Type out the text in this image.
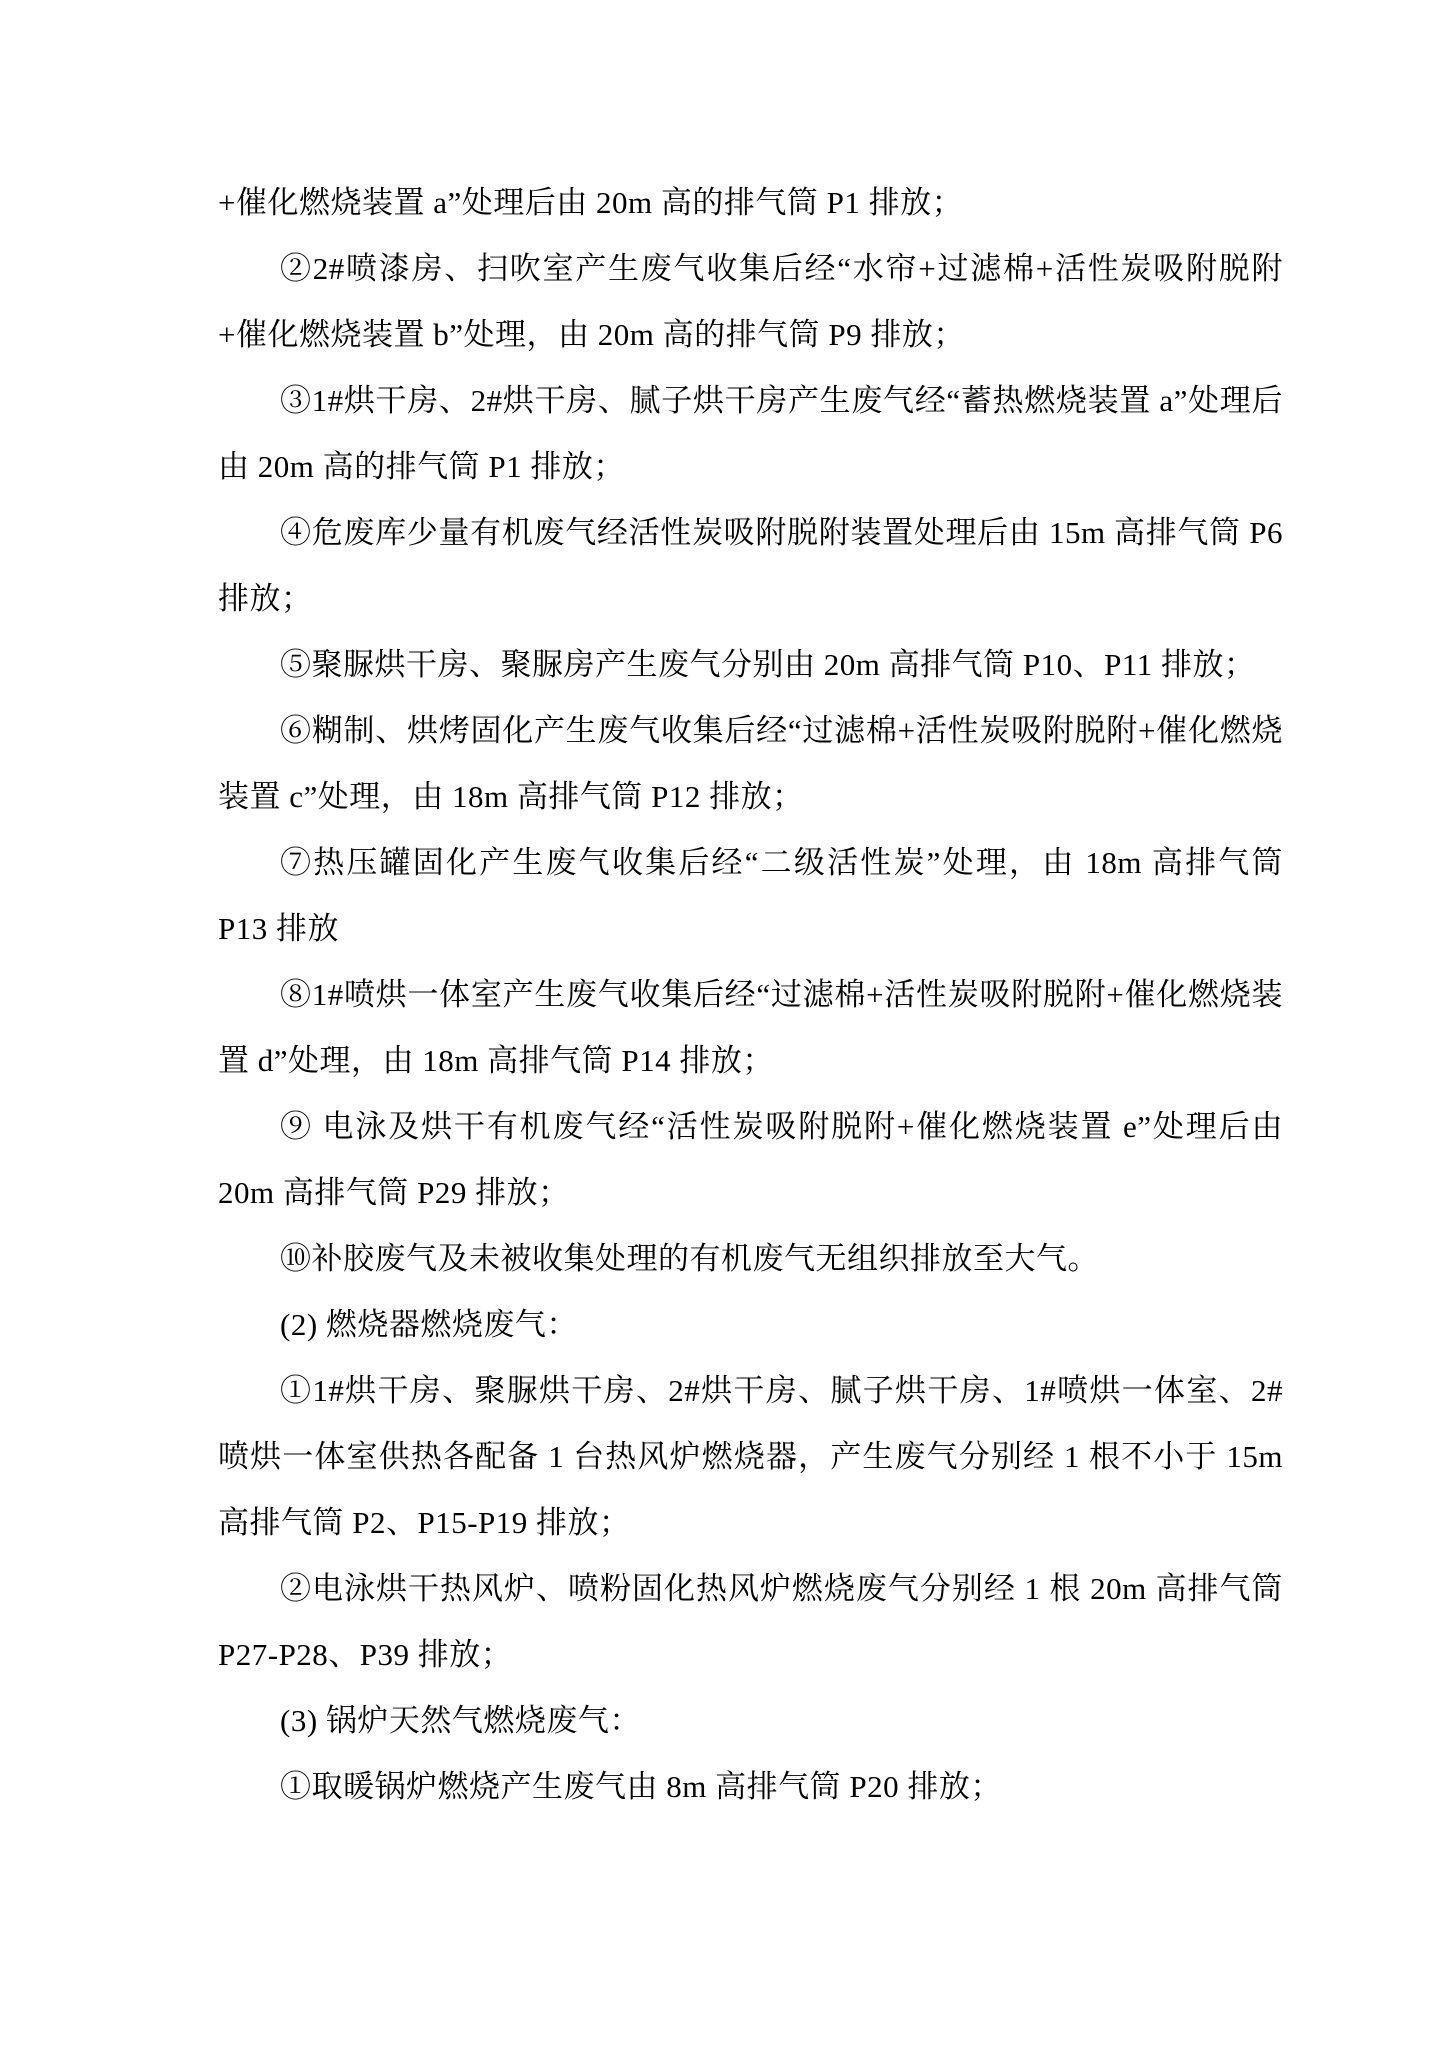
+催化燃烧装置 a”处理后由 20m 高的排气筒 P1 排放；

②2#喷漆房、扫吹室产生废气收集后经“水帘+过滤棉+活性炭吸附脱附+催化燃烧装置 b”处理，由 20m 高的排气筒 P9 排放；

③1#烘干房、2#烘干房、腻子烘干房产生废气经“蓄热燃烧装置 a”处理后由 20m 高的排气筒 P1 排放；

④危废库少量有机废气经活性炭吸附脱附装置处理后由 15m 高排气筒 P6 排放；

⑤聚脲烘干房、聚脲房产生废气分别由 20m 高排气筒 P10、P11 排放；

⑥糊制、烘烤固化产生废气收集后经“过滤棉+活性炭吸附脱附+催化燃烧装置 c”处理，由 18m 高排气筒 P12 排放；

⑦热压罐固化产生废气收集后经“二级活性炭”处理，由 18m 高排气筒 P13 排放

⑧1#喷烘一体室产生废气收集后经“过滤棉+活性炭吸附脱附+催化燃烧装置 d”处理，由 18m 高排气筒 P14 排放；

⑨ 电泳及烘干有机废气经“活性炭吸附脱附+催化燃烧装置 e”处理后由 20m 高排气筒 P29 排放；

⑩补胶废气及未被收集处理的有机废气无组织排放至大气。

(2) 燃烧器燃烧废气：

①1#烘干房、聚脲烘干房、2#烘干房、腻子烘干房、1#喷烘一体室、2#喷烘一体室供热各配备 1 台热风炉燃烧器，产生废气分别经 1 根不小于 15m 高排气筒 P2、P15-P19 排放；

②电泳烘干热风炉、喷粉固化热风炉燃烧废气分别经 1 根 20m 高排气筒 P27-P28、P39 排放；

(3) 锅炉天然气燃烧废气：

①取暖锅炉燃烧产生废气由 8m 高排气筒 P20 排放；
